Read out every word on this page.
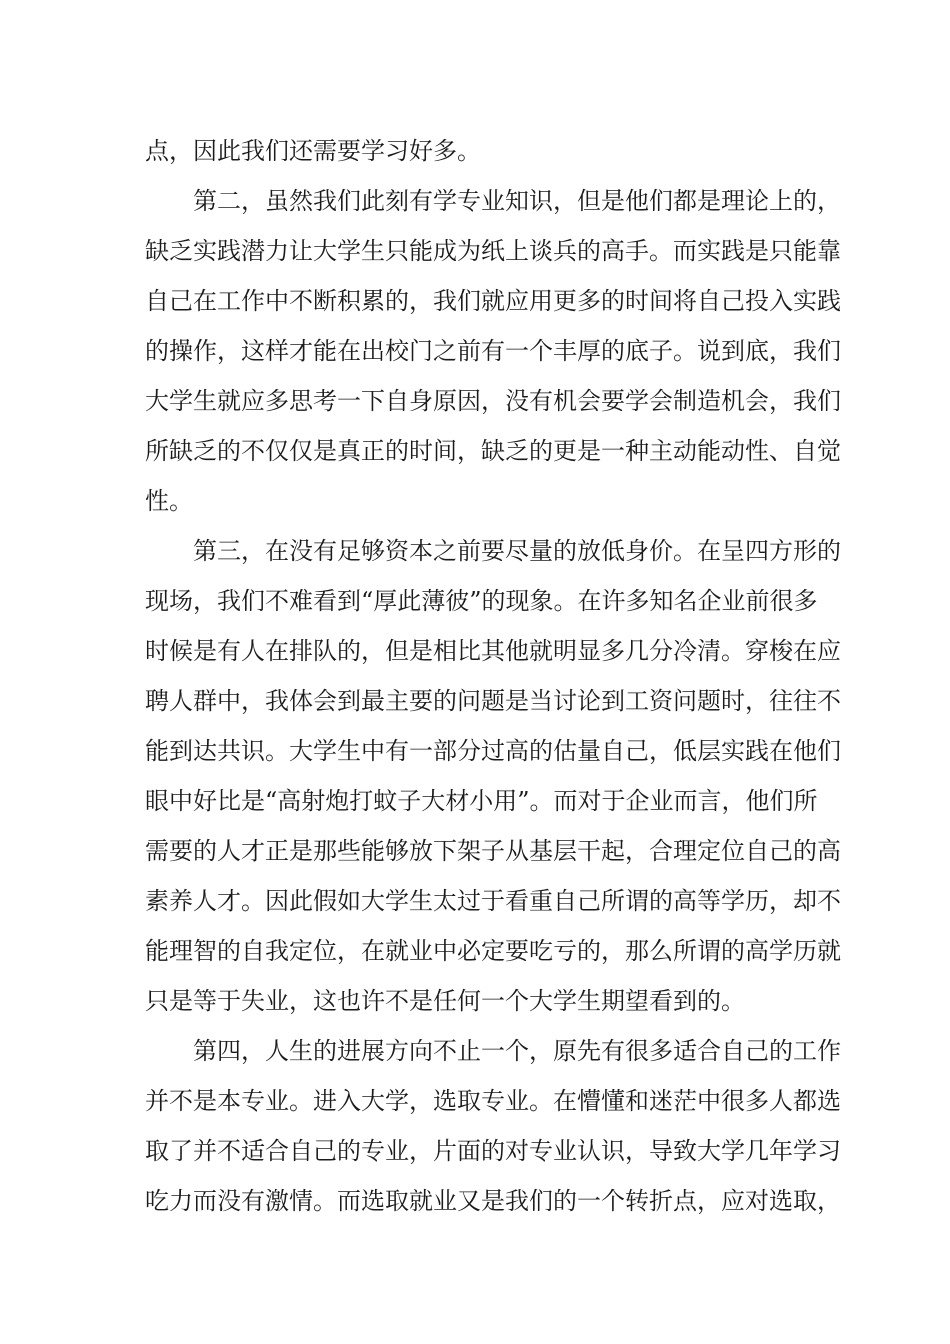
点，因此我们还需要学习好多。
第二，虽然我们此刻有学专业知识，但是他们都是理论上的，
缺乏实践潜力让大学生只能成为纸上谈兵的高手。而实践是只能靠
自己在工作中不断积累的，我们就应用更多的时间将自己投入实践
的操作，这样才能在出校门之前有一个丰厚的底子。说到底，我们
大学生就应多思考一下自身原因，没有机会要学会制造机会，我们
所缺乏的不仅仅是真正的时间，缺乏的更是一种主动能动性、自觉
性。
第三，在没有足够资本之前要尽量的放低身价。在呈四方形的
现场，我们不难看到“厚此薄彼”的现象。在许多知名企业前很多
时候是有人在排队的，但是相比其他就明显多几分冷清。穿梭在应
聘人群中，我体会到最主要的问题是当讨论到工资问题时，往往不
能到达共识。大学生中有一部分过高的估量自己，低层实践在他们
眼中好比是“高射炮打蚊子大材小用”。而对于企业而言，他们所
需要的人才正是那些能够放下架子从基层干起，合理定位自己的高
素养人才。因此假如大学生太过于看重自己所谓的高等学历，却不
能理智的自我定位，在就业中必定要吃亏的，那么所谓的高学历就
只是等于失业，这也许不是任何一个大学生期望看到的。
第四，人生的进展方向不止一个，原先有很多适合自己的工作
并不是本专业。进入大学，选取专业。在懵懂和迷茫中很多人都选
取了并不适合自己的专业，片面的对专业认识，导致大学几年学习
吃力而没有激情。而选取就业又是我们的一个转折点，应对选取，
